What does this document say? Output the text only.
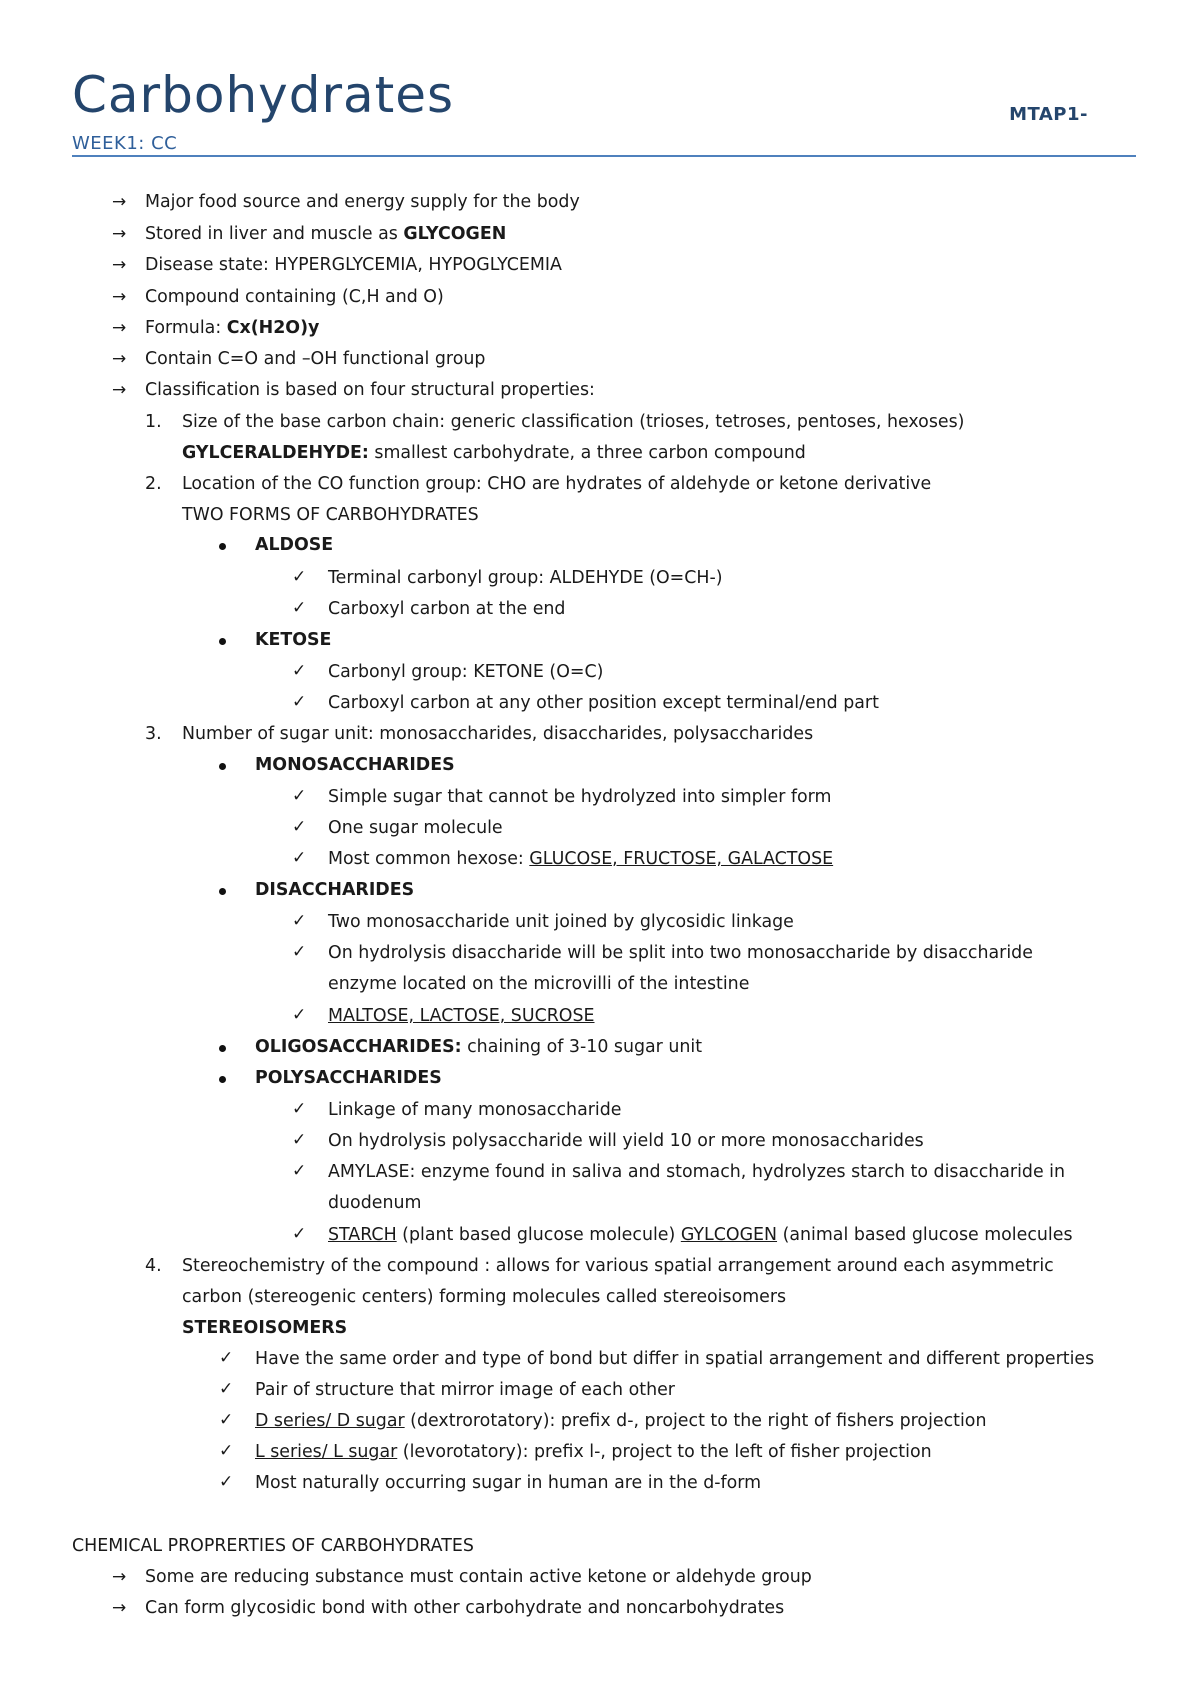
Carbohydrates	MTAP1-
WEEK1: CC
→ Major food source and energy supply for the body
→ Stored in liver and muscle as GLYCOGEN
→ Disease state: HYPERGLYCEMIA, HYPOGLYCEMIA
→ Compound containing (C,H and O)
→ Formula: Cx(H2O)y
→ Contain C=O and –OH functional group
→ Classification is based on four structural properties:
1. Size of the base carbon chain: generic classification (trioses, tetroses, pentoses, hexoses)
GYLCERALDEHYDE: smallest carbohydrate, a three carbon compound
2. Location of the CO function group: CHO are hydrates of aldehyde or ketone derivative
TWO FORMS OF CARBOHYDRATES
ALDOSE
✓ Terminal carbonyl group: ALDEHYDE (O=CH-)
✓ Carboxyl carbon at the end
KETOSE
✓ Carbonyl group: KETONE (O=C)
✓ Carboxyl carbon at any other position except terminal/end part
3. Number of sugar unit: monosaccharides, disaccharides, polysaccharides
MONOSACCHARIDES
✓ Simple sugar that cannot be hydrolyzed into simpler form
✓ One sugar molecule
✓ Most common hexose: GLUCOSE, FRUCTOSE, GALACTOSE
DISACCHARIDES
✓ Two monosaccharide unit joined by glycosidic linkage
✓ On hydrolysis disaccharide will be split into two monosaccharide by disaccharide
enzyme located on the microvilli of the intestine
✓ MALTOSE, LACTOSE, SUCROSE
OLIGOSACCHARIDES: chaining of 3-10 sugar unit
POLYSACCHARIDES
✓ Linkage of many monosaccharide
✓ On hydrolysis polysaccharide will yield 10 or more monosaccharides
✓ AMYLASE: enzyme found in saliva and stomach, hydrolyzes starch to disaccharide in
duodenum
✓ STARCH (plant based glucose molecule) GYLCOGEN (animal based glucose molecules
4. Stereochemistry of the compound : allows for various spatial arrangement around each asymmetric
carbon (stereogenic centers) forming molecules called stereoisomers
STEREOISOMERS
✓ Have the same order and type of bond but differ in spatial arrangement and different properties
✓ Pair of structure that mirror image of each other
✓ D series/ D sugar (dextrorotatory): prefix d-, project to the right of fishers projection
✓ L series/ L sugar (levorotatory): prefix l-, project to the left of fisher projection
✓ Most naturally occurring sugar in human are in the d-form
CHEMICAL PROPRERTIES OF CARBOHYDRATES
→ Some are reducing substance must contain active ketone or aldehyde group
→ Can form glycosidic bond with other carbohydrate and noncarbohydrates
